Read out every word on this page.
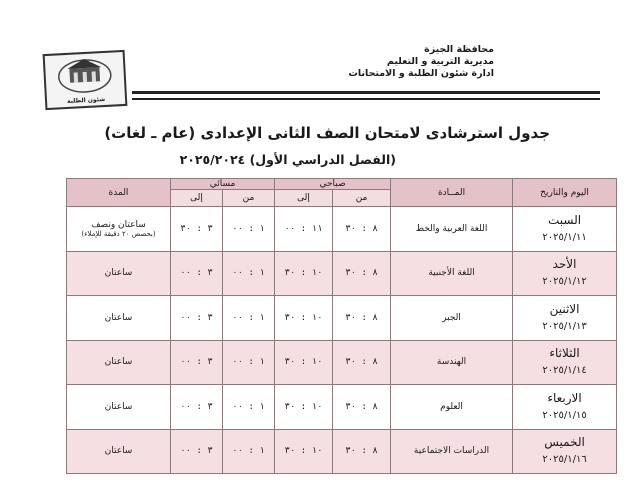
شئون الطلبة
محافظة الجيزة
مديرية التربية و التعليم
ادارة شئون الطلبة و الامتحانات
جدول استرشادى لامتحان الصف الثانى الإعدادى (عام ـ لغات)
(الفصل الدراسي الأول) ٢٠٢٥/٢٠٢٤
اليوم والتاريخ	المــادة	صباحي		مسائي		المدة
		من	إلى	من	إلى	

السبت
٢٠٢٥/١/١١	اللغة العربية والخط	٨ : ٣٠	١١ : ٠٠	١ : ٠٠	٣ : ٣٠	ساعتان ونصف
(بحصص ٢٠ دقيقة للإملاء)

الأحد
٢٠٢٥/١/١٢	اللغة الأجنبية	٨ : ٣٠	١٠ : ٣٠	١ : ٠٠	٣ : ٠٠	ساعتان

الاثنين
٢٠٢٥/١/١٣	الجبر	٨ : ٣٠	١٠ : ٣٠	١ : ٠٠	٣ : ٠٠	ساعتان

الثلاثاء
٢٠٢٥/١/١٤	الهندسة	٨ : ٣٠	١٠ : ٣٠	١ : ٠٠	٣ : ٠٠	ساعتان

الاربعاء
٢٠٢٥/١/١٥	العلوم	٨ : ٣٠	١٠ : ٣٠	١ : ٠٠	٣ : ٠٠	ساعتان

الخميس
٢٠٢٥/١/١٦	الدراسات الاجتماعية	٨ : ٣٠	١٠ : ٣٠	١ : ٠٠	٣ : ٠٠	ساعتان
